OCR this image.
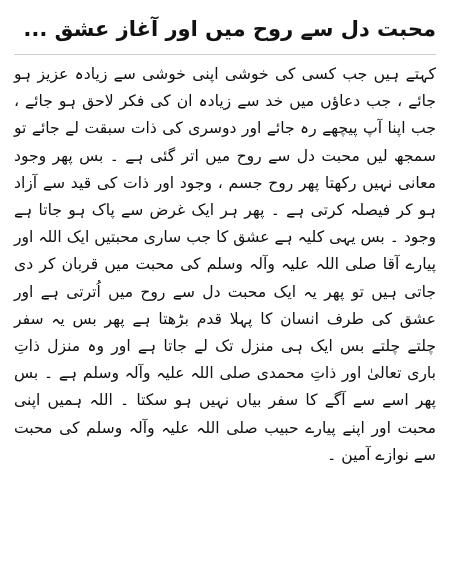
محبت دل سے روح میں اور آغاز عشق ...

کہتے ہیں جب کسی کی خوشی اپنی خوشی سے زیادہ عزیز ہو جائے ، جب دعاؤں میں خد سے زیادہ ان کی فکر لاحق ہو جائے ، جب اپنا آپ پیچھے رہ جائے اور دوسری کی ذات سبقت لے جائے تو سمجھ لیں محبت دل سے روح میں اتر گئی ہے ۔ بس پھر وجود معانی نہیں رکھتا پھر روح جسم ، وجود اور ذات کی قید سے آزاد ہو کر فیصلہ کرتی ہے ۔ پھر ہر ایک غرض سے پاک ہو جاتا ہے وجود ۔ بس یہی کلیہ ہے عشق کا جب ساری محبتیں ایک اللہ اور پیارے آقا صلی اللہ علیہ وآلہ وسلم کی محبت میں قربان کر دی جاتی ہیں تو پھر یہ ایک محبت دل سے روح میں اُترتی ہے اور عشق کی طرف انسان کا پہلا قدم بڑھتا ہے پھر بس یہ سفر چلتے چلتے بس ایک ہی منزل تک لے جاتا ہے اور وہ منزل ذاتِ باری تعالیٰ اور ذاتِ محمدی صلی اللہ علیہ وآلہ وسلم ہے ۔ بس پھر اسے سے آگے کا سفر بیاں نہیں ہو سکتا ۔ اللہ ہمیں اپنی محبت اور اپنے پیارے حبیب صلی اللہ علیہ وآلہ وسلم کی محبت سے نوازے آمین ۔
